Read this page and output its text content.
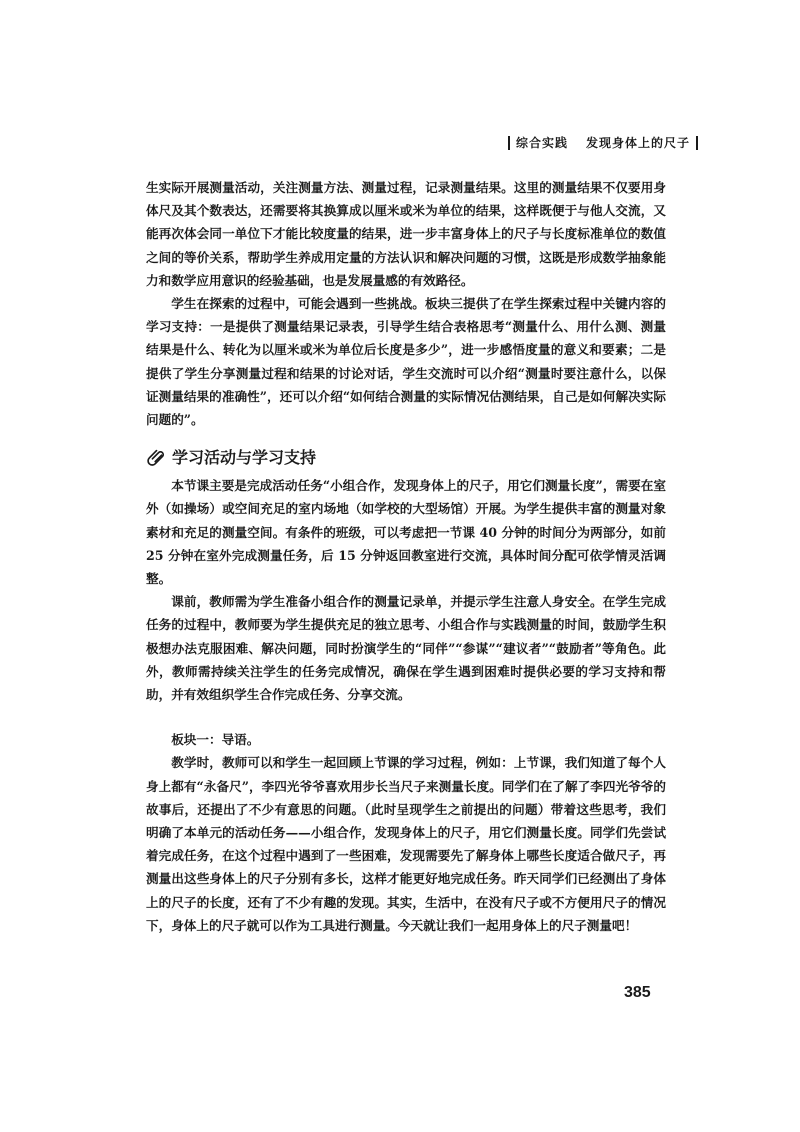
综合实践 发现身体上的尺子

生实际开展测量活动，关注测量方法、测量过程，记录测量结果。这里的测量结果不仅要用身体尺及其个数表达，还需要将其换算成以厘米或米为单位的结果，这样既便于与他人交流，又能再次体会同一单位下才能比较度量的结果，进一步丰富身体上的尺子与长度标准单位的数值之间的等价关系，帮助学生养成用定量的方法认识和解决问题的习惯，这既是形成数学抽象能力和数学应用意识的经验基础，也是发展量感的有效路径。

学生在探索的过程中，可能会遇到一些挑战。板块三提供了在学生探索过程中关键内容的学习支持：一是提供了测量结果记录表，引导学生结合表格思考“测量什么、用什么测、测量结果是什么、转化为以厘米或米为单位后长度是多少”，进一步感悟度量的意义和要素；二是提供了学生分享测量过程和结果的讨论对话，学生交流时可以介绍“测量时要注意什么，以保证测量结果的准确性”，还可以介绍“如何结合测量的实际情况估测结果，自己是如何解决实际问题的”。

学习活动与学习支持

本节课主要是完成活动任务“小组合作，发现身体上的尺子，用它们测量长度”，需要在室外（如操场）或空间充足的室内场地（如学校的大型场馆）开展。为学生提供丰富的测量对象素材和充足的测量空间。有条件的班级，可以考虑把一节课 40 分钟的时间分为两部分，如前 25 分钟在室外完成测量任务，后 15 分钟返回教室进行交流，具体时间分配可依学情灵活调整。

课前，教师需为学生准备小组合作的测量记录单，并提示学生注意人身安全。在学生完成任务的过程中，教师要为学生提供充足的独立思考、小组合作与实践测量的时间，鼓励学生积极想办法克服困难、解决问题，同时扮演学生的“同伴”“参谋”“建议者”“鼓励者”等角色。此外，教师需持续关注学生的任务完成情况，确保在学生遇到困难时提供必要的学习支持和帮助，并有效组织学生合作完成任务、分享交流。

板块一：导语。

教学时，教师可以和学生一起回顾上节课的学习过程，例如：上节课，我们知道了每个人身上都有“永备尺”，李四光爷爷喜欢用步长当尺子来测量长度。同学们在了解了李四光爷爷的故事后，还提出了不少有意思的问题。（此时呈现学生之前提出的问题）带着这些思考，我们明确了本单元的活动任务——小组合作，发现身体上的尺子，用它们测量长度。同学们先尝试着完成任务，在这个过程中遇到了一些困难，发现需要先了解身体上哪些长度适合做尺子，再测量出这些身体上的尺子分别有多长，这样才能更好地完成任务。昨天同学们已经测出了身体上的尺子的长度，还有了不少有趣的发现。其实，生活中，在没有尺子或不方便用尺子的情况下，身体上的尺子就可以作为工具进行测量。今天就让我们一起用身体上的尺子测量吧！

385
